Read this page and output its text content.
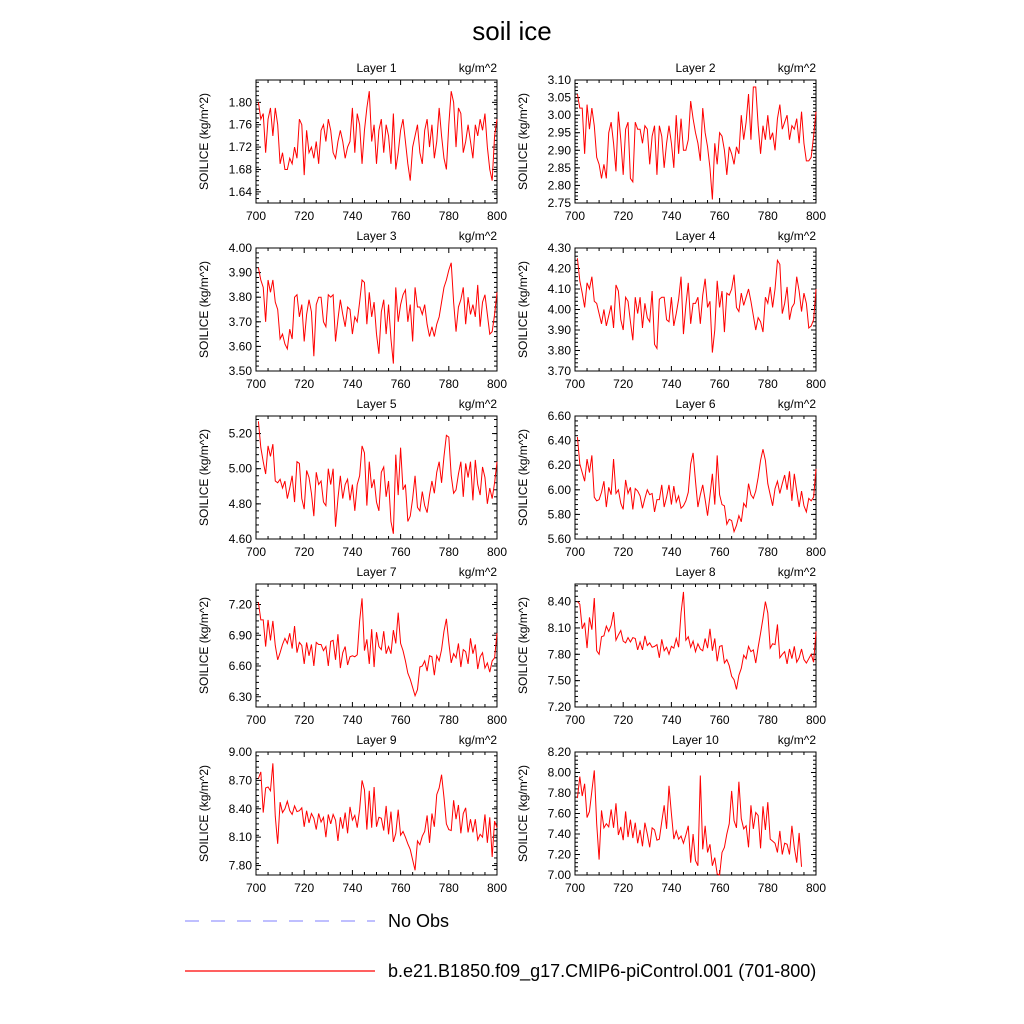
soil ice
700 720 740 760 780 800
1.64
1.68
1.72
1.76
1.80
Layer 1	kg/m^2
SOILICE (kg/m^2)
700 720 740 760 780 800
2.75
2.80
2.85
2.90
2.95
3.00
3.05
3.10
Layer 2	kg/m^2
SOILICE (kg/m^2)
700 720 740 760 780 800
3.50
3.60
3.70
3.80
3.90
4.00
Layer 3	kg/m^2
SOILICE (kg/m^2)
700 720 740 760 780 800
3.70
3.80
3.90
4.00
4.10
4.20
4.30
Layer 4	kg/m^2
SOILICE (kg/m^2)
700 720 740 760 780 800
4.60
4.80
5.00
5.20
Layer 5	kg/m^2
SOILICE (kg/m^2)
700 720 740 760 780 800
5.60
5.80
6.00
6.20
6.40
6.60
Layer 6	kg/m^2
SOILICE (kg/m^2)
700 720 740 760 780 800
6.30
6.60
6.90
7.20
Layer 7	kg/m^2
SOILICE (kg/m^2)
700 720 740 760 780 800
7.20
7.50
7.80
8.10
8.40
Layer 8	kg/m^2
SOILICE (kg/m^2)
700 720 740 760 780 800
7.80
8.10
8.40
8.70
9.00
Layer 9	kg/m^2
SOILICE (kg/m^2)
700 720 740 760 780 800
7.00
7.20
7.40
7.60
7.80
8.00
8.20
Layer 10	kg/m^2
SOILICE (kg/m^2)
No Obs
b.e21.B1850.f09_g17.CMIP6-piControl.001 (701-800)
